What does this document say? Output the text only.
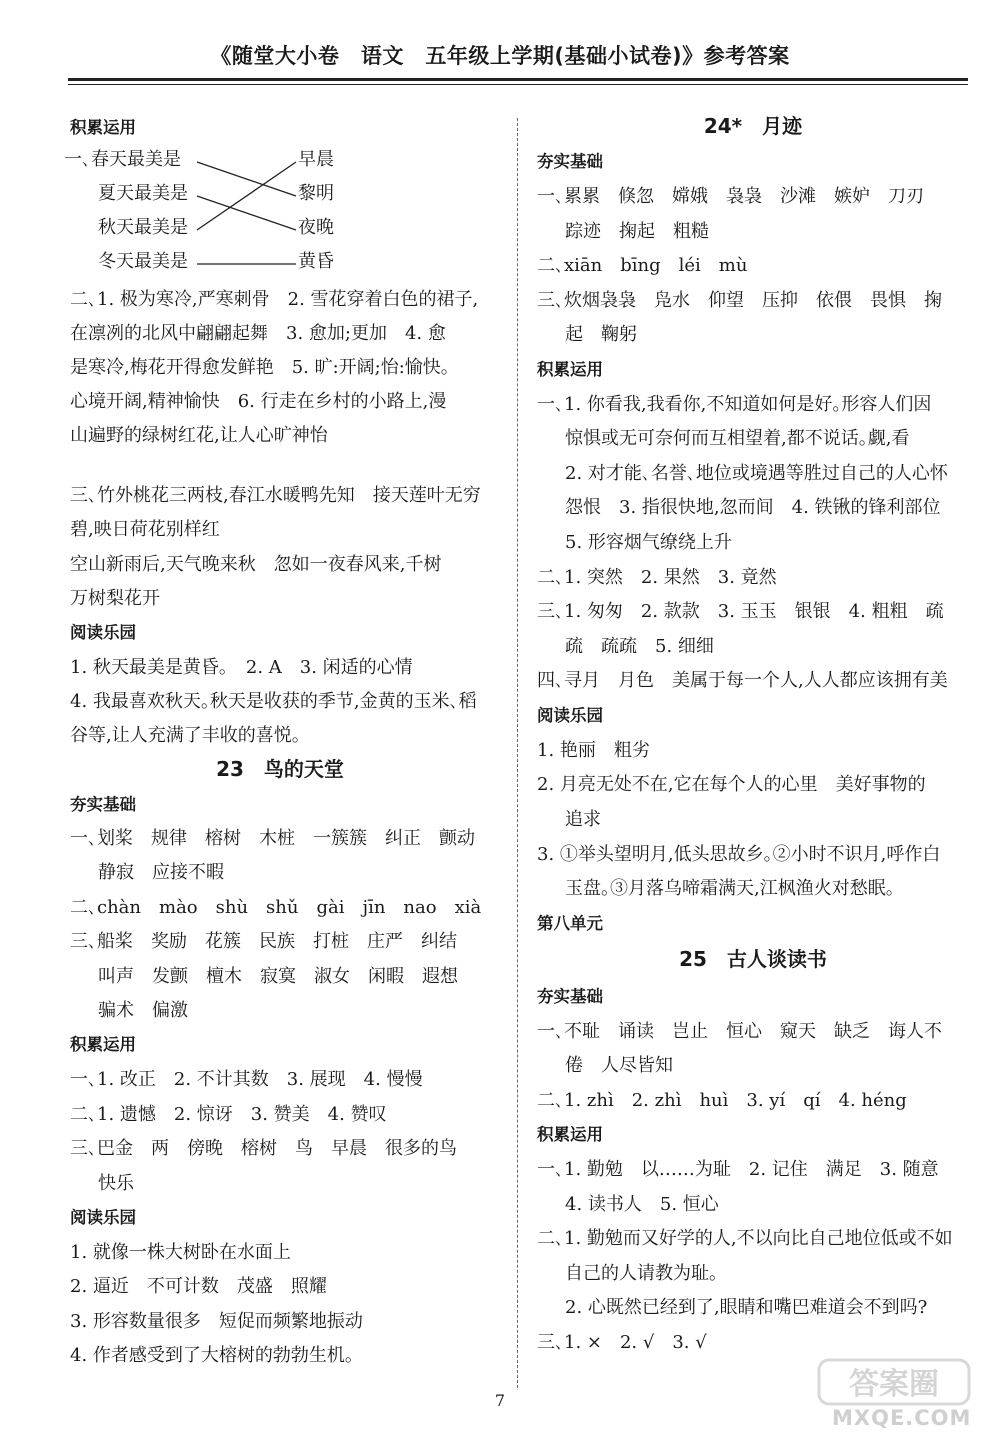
《随堂大小卷　语文　五年级上学期(基础小试卷)》参考答案
积累运用
一､春天最美是
夏天最美是
秋天最美是
冬天最美是
早晨
黎明
夜晚
黄昏
二､1. 极为寒冷,严寒刺骨　2. 雪花穿着白色的裙子,
在凛冽的北风中翩翩起舞　3. 愈加;更加　4. 愈
是寒冷,梅花开得愈发鲜艳　5. 旷:开阔;怡:愉快｡
心境开阔,精神愉快　6. 行走在乡村的小路上,漫
山遍野的绿树红花,让人心旷神怡
三､竹外桃花三两枝,春江水暖鸭先知　接天莲叶无穷
碧,映日荷花别样红
空山新雨后,天气晚来秋　忽如一夜春风来,千树
万树梨花开
阅读乐园
1. 秋天最美是黄昏｡　2. A　3. 闲适的心情
4. 我最喜欢秋天｡秋天是收获的季节,金黄的玉米､稻
谷等,让人充满了丰收的喜悦｡
23　鸟的天堂
夯实基础
一､划桨　规律　榕树　木桩　一簇簇　纠正　颤动
静寂　应接不暇
二､chàn　mào　shù　shǔ　gài　jīn　nao　xià
三､船桨　奖励　花簇　民族　打桩　庄严　纠结
叫声　发颤　檀木　寂寞　淑女　闲暇　遐想
骗术　偏激
积累运用
一､1. 改正　2. 不计其数　3. 展现　4. 慢慢
二､1. 遗憾　2. 惊讶　3. 赞美　4. 赞叹
三､巴金　两　傍晚　榕树　鸟　早晨　很多的鸟
快乐
阅读乐园
1. 就像一株大树卧在水面上
2. 逼近　不可计数　茂盛　照耀
3. 形容数量很多　短促而频繁地振动
4. 作者感受到了大榕树的勃勃生机｡
24*　月迹
夯实基础
一､累累　倏忽　嫦娥　袅袅　沙滩　嫉妒　刀刃
踪迹　掬起　粗糙
二､xiān　bīng　léi　mù
三､炊烟袅袅　凫水　仰望　压抑　依偎　畏惧　掬
起　鞠躬
积累运用
一､1. 你看我,我看你,不知道如何是好｡形容人们因
惊惧或无可奈何而互相望着,都不说话｡觑,看
2. 对才能､名誉､地位或境遇等胜过自己的人心怀
怨恨　3. 指很快地,忽而间　4. 铁锹的锋利部位
5. 形容烟气缭绕上升
二､1. 突然　2. 果然　3. 竟然
三､1. 匆匆　2. 款款　3. 玉玉　银银　4. 粗粗　疏
疏　疏疏　5. 细细
四､寻月　月色　美属于每一个人,人人都应该拥有美
阅读乐园
1. 艳丽　粗劣
2. 月亮无处不在,它在每个人的心里　美好事物的
追求
3. ①举头望明月,低头思故乡｡②小时不识月,呼作白
玉盘｡③月落乌啼霜满天,江枫渔火对愁眠｡
第八单元
25　古人谈读书
夯实基础
一､不耻　诵读　岂止　恒心　窥天　缺乏　诲人不
倦　人尽皆知
二､1. zhì　2. zhì　huì　3. yí　qí　4. héng
积累运用
一､1. 勤勉　以……为耻　2. 记住　满足　3. 随意
4. 读书人　5. 恒心
二､1. 勤勉而又好学的人,不以向比自己地位低或不如
自己的人请教为耻｡
2. 心既然已经到了,眼睛和嘴巴难道会不到吗?
三､1. ×　2. √　3. √
7	答案圈
MXQE.COM
